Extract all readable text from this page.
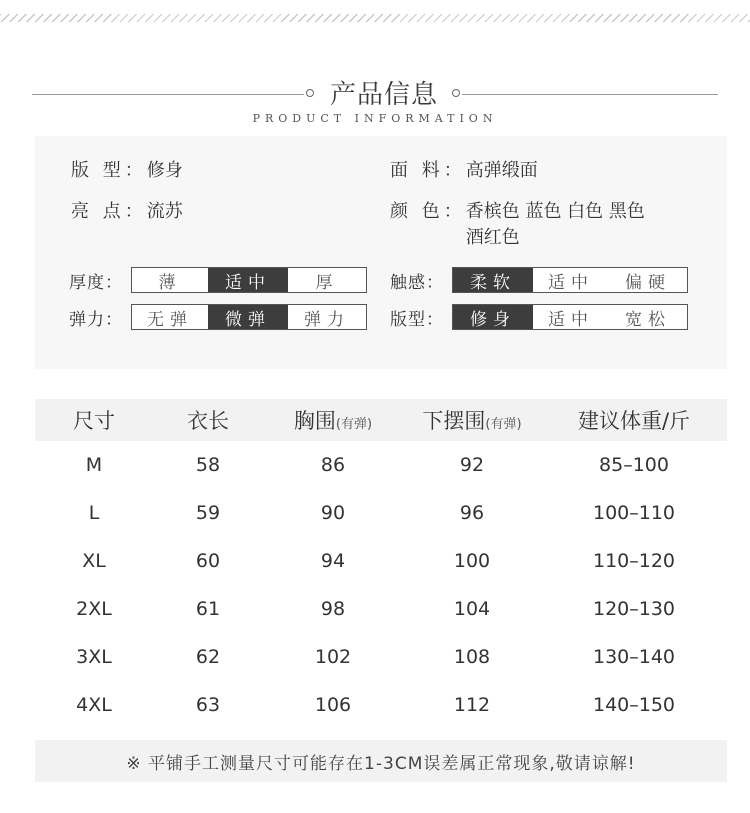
产品信息
PRODUCT INFORMATION
版 型：修身
亮 点：流苏
面 料：高弹缎面
颜 色： 香槟色 蓝色 白色 黑色
酒红色
厚度：	薄	适中	厚
弹力：	无弹	微弹	弹力
触感：	柔软	适中	偏硬
版型：	修身	适中	宽松
尺寸	衣长	胸围(有弹)	下摆围(有弹)	建议体重/斤
M	58	86	92	85–100
L	59	90	96	100–110
XL	60	94	100	110–120
2XL	61	98	104	120–130
3XL	62	102	108	130–140
4XL	63	106	112	140–150
※ 平铺手工测量尺寸可能存在1-3CM误差属正常现象,敬请谅解!
